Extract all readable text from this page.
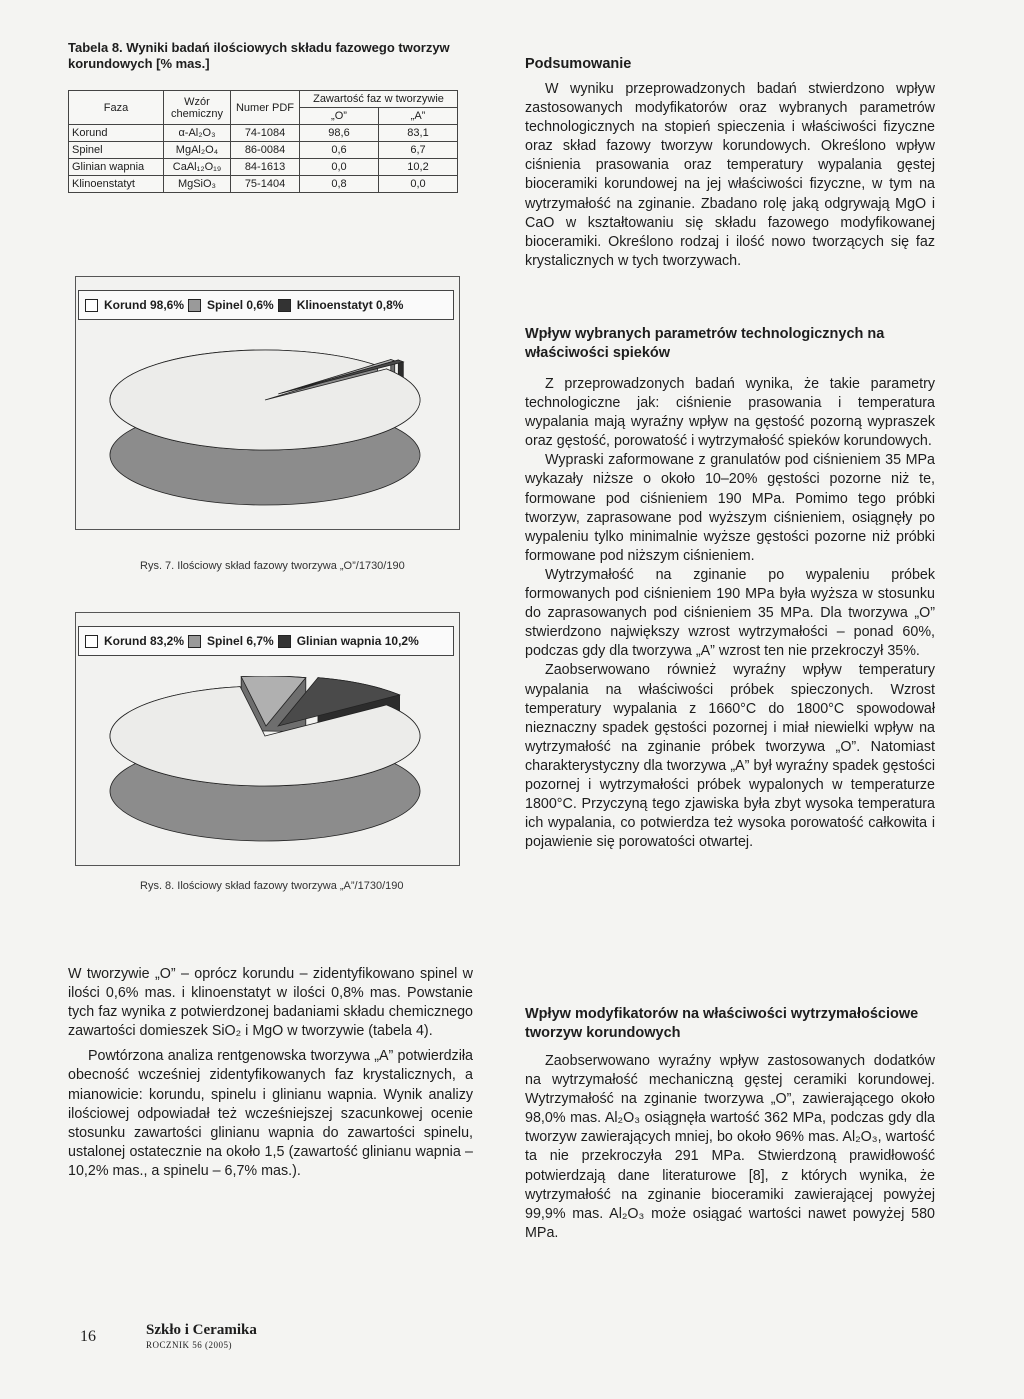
Tabela 8. Wyniki badań ilościowych składu fazowego tworzyw korundowych [% mas.]
Faza	Wzór chemiczny	Numer PDF	Zawartość faz w tworzywie	
			„O”	„A”
Korund	α-Al₂O₃	74-1084	98,6	83,1
Spinel	MgAl₂O₄	86-0084	0,6	6,7
Glinian wapnia	CaAl₁₂O₁₉	84-1613	0,0	10,2
Klinoenstatyt	MgSiO₃	75-1404	0,8	0,0
Korund 98,6% Spinel 0,6% Klinoenstatyt 0,8%
Rys. 7. Ilościowy skład fazowy tworzywa „O”/1730/190
Korund 83,2% Spinel 6,7% Glinian wapnia 10,2%
Rys. 8. Ilościowy skład fazowy tworzywa „A”/1730/190

W tworzywie „O” – oprócz korundu – zidentyfikowano spinel w ilości 0,6% mas. i klinoenstatyt w ilości 0,8% mas. Powstanie tych faz wynika z potwierdzonej badaniami składu chemicznego zawartości domieszek SiO₂ i MgO w tworzywie (tabela 4).

Powtórzona analiza rentgenowska tworzywa „A” potwierdziła obecność wcześniej zidentyfikowanych faz krystalicznych, a mianowicie: korundu, spinelu i glinianu wapnia. Wynik analizy ilościowej odpowiadał też wcześniejszej szacunkowej ocenie stosunku zawartości glinianu wapnia do zawartości spinelu, ustalonej ostatecznie na około 1,5 (zawartość glinianu wapnia – 10,2% mas., a spinelu – 6,7% mas.).

Podsumowanie

W wyniku przeprowadzonych badań stwierdzono wpływ zastosowanych modyfikatorów oraz wybranych parametrów technologicznych na stopień spieczenia i właściwości fizyczne oraz skład fazowy tworzyw korundowych. Określono wpływ ciśnienia prasowania oraz temperatury wypalania gęstej bioceramiki korundowej na jej właściwości fizyczne, w tym na wytrzymałość na zginanie. Zbadano rolę jaką odgrywają MgO i CaO w kształtowaniu się składu fazowego modyfikowanej bioceramiki. Określono rodzaj i ilość nowo tworzących się faz krystalicznych w tych tworzywach.

Wpływ wybranych parametrów technologicznych na właściwości spieków

Z przeprowadzonych badań wynika, że takie parametry technologiczne jak: ciśnienie prasowania i temperatura wypalania mają wyraźny wpływ na gęstość pozorną wypraszek oraz gęstość, porowatość i wytrzymałość spieków korundowych.

Wypraski zaformowane z granulatów pod ciśnieniem 35 MPa wykazały niższe o około 10–20% gęstości pozorne niż te, formowane pod ciśnieniem 190 MPa. Pomimo tego próbki tworzyw, zaprasowane pod wyższym ciśnieniem, osiągnęły po wypaleniu tylko minimalnie wyższe gęstości pozorne niż próbki formowane pod niższym ciśnieniem.

Wytrzymałość na zginanie po wypaleniu próbek formowanych pod ciśnieniem 190 MPa była wyższa w stosunku do zaprasowanych pod ciśnieniem 35 MPa. Dla tworzywa „O” stwierdzono największy wzrost wytrzymałości – ponad 60%, podczas gdy dla tworzywa „A” wzrost ten nie przekroczył 35%.

Zaobserwowano również wyraźny wpływ temperatury wypalania na właściwości próbek spieczonych. Wzrost temperatury wypalania z 1660°C do 1800°C spowodował nieznaczny spadek gęstości pozornej i miał niewielki wpływ na wytrzymałość na zginanie próbek tworzywa „O”. Natomiast charakterystyczny dla tworzywa „A” był wyraźny spadek gęstości pozornej i wytrzymałości próbek wypalonych w temperaturze 1800°C. Przyczyną tego zjawiska była zbyt wysoka temperatura ich wypalania, co potwierdza też wysoka porowatość całkowita i pojawienie się porowatości otwartej.

Wpływ modyfikatorów na właściwości wytrzymałościowe tworzyw korundowych

Zaobserwowano wyraźny wpływ zastosowanych dodatków na wytrzymałość mechaniczną gęstej ceramiki korundowej. Wytrzymałość na zginanie tworzywa „O”, zawierającego około 98,0% mas. Al₂O₃ osiągnęła wartość 362 MPa, podczas gdy dla tworzyw zawierających mniej, bo około 96% mas. Al₂O₃, wartość ta nie przekroczyła 291 MPa. Stwierdzoną prawidłowość potwierdzają dane literaturowe [8], z których wynika, że wytrzymałość na zginanie bioceramiki zawierającej powyżej 99,9% mas. Al₂O₃ może osiągać wartości nawet powyżej 580 MPa.

16	Szkło i Ceramika
ROCZNIK 56 (2005)
